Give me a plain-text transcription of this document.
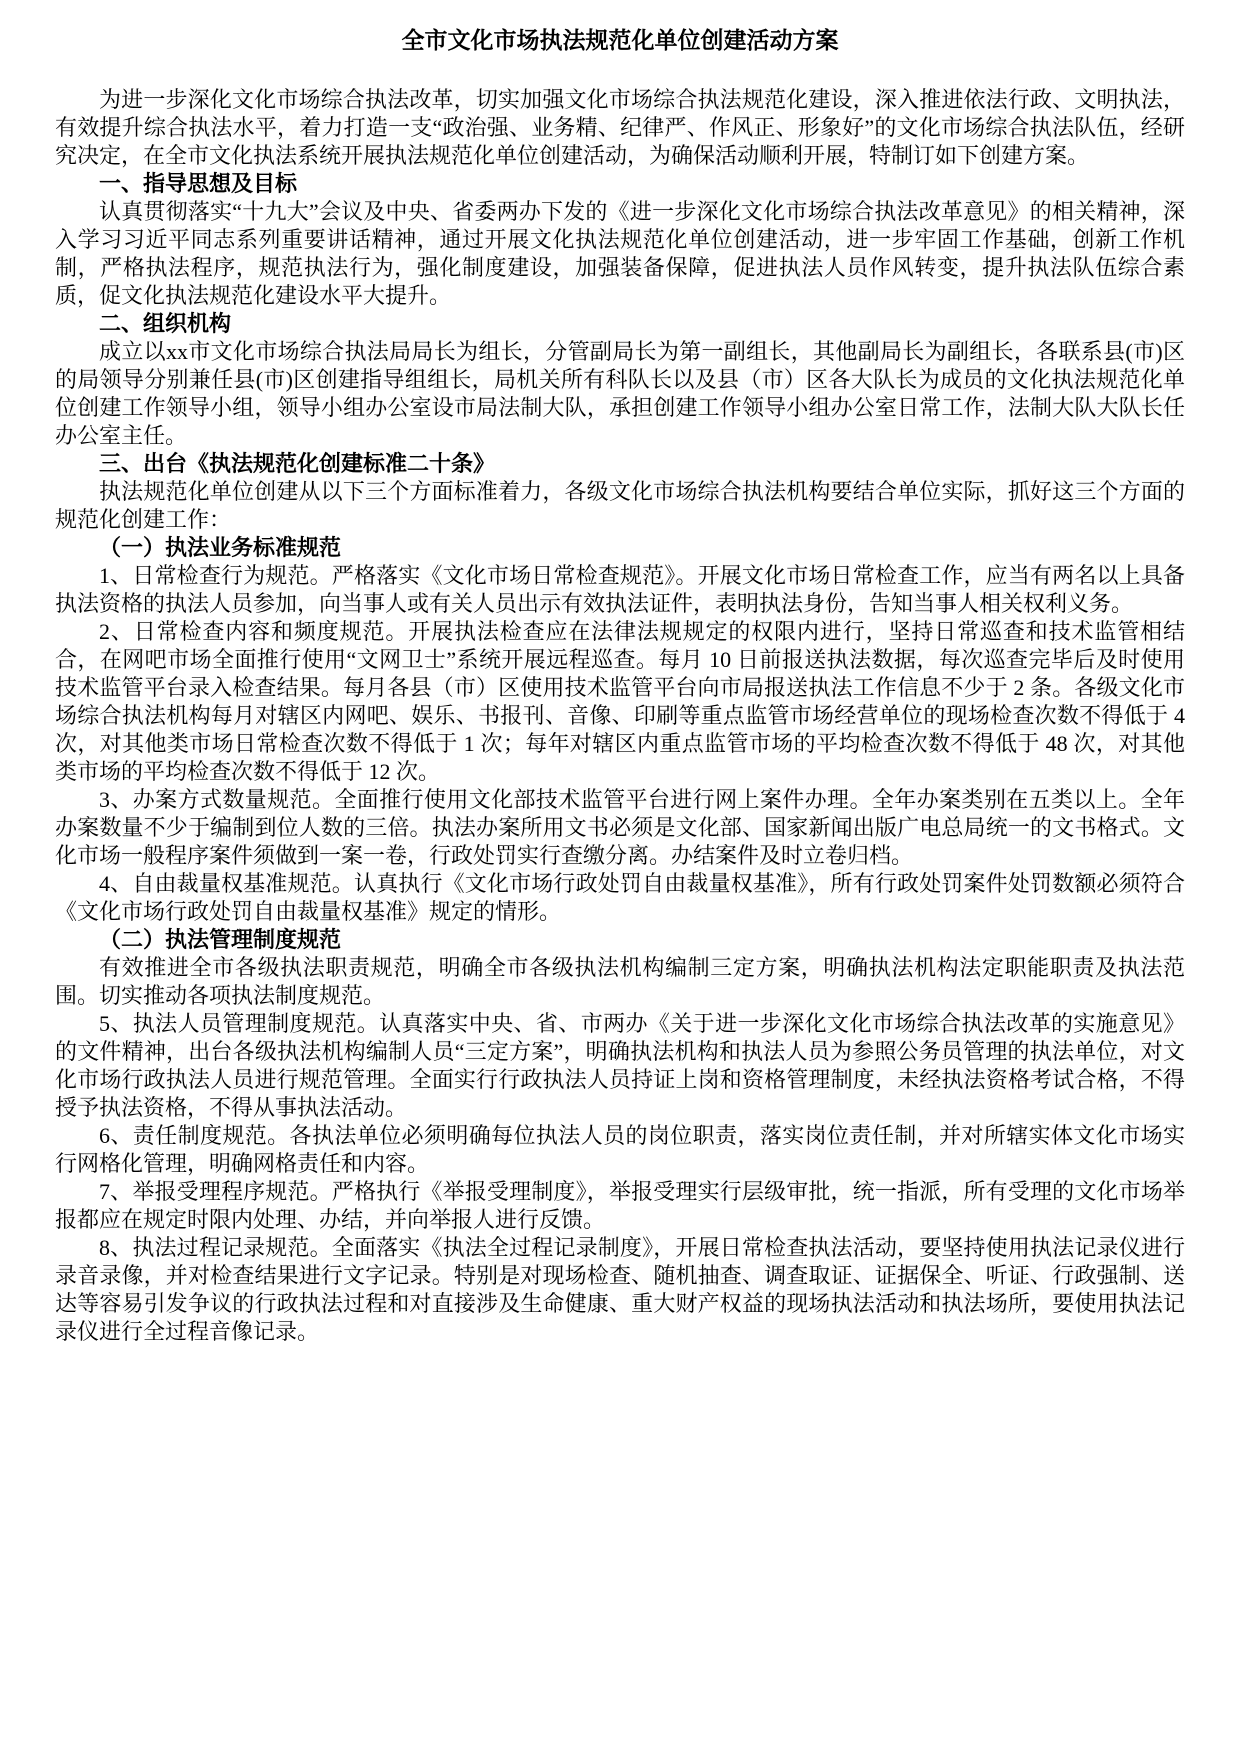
全市文化市场执法规范化单位创建活动方案

为进一步深化文化市场综合执法改革，切实加强文化市场综合执法规范化建设，深入推进依法行政、文明执法，有效提升综合执法水平，着力打造一支“政治强、业务精、纪律严、作风正、形象好”的文化市场综合执法队伍，经研究决定，在全市文化执法系统开展执法规范化单位创建活动，为确保活动顺利开展，特制订如下创建方案。

一、指导思想及目标

认真贯彻落实“十九大”会议及中央、省委两办下发的《进一步深化文化市场综合执法改革意见》的相关精神，深入学习习近平同志系列重要讲话精神，通过开展文化执法规范化单位创建活动，进一步牢固工作基础，创新工作机制，严格执法程序，规范执法行为，强化制度建设，加强装备保障，促进执法人员作风转变，提升执法队伍综合素质，促文化执法规范化建设水平大提升。

二、组织机构

成立以xx市文化市场综合执法局局长为组长，分管副局长为第一副组长，其他副局长为副组长，各联系县(市)区的局领导分别兼任县(市)区创建指导组组长，局机关所有科队长以及县（市）区各大队长为成员的文化执法规范化单位创建工作领导小组，领导小组办公室设市局法制大队，承担创建工作领导小组办公室日常工作，法制大队大队长任办公室主任。

三、出台《执法规范化创建标准二十条》

执法规范化单位创建从以下三个方面标准着力，各级文化市场综合执法机构要结合单位实际，抓好这三个方面的规范化创建工作：

（一）执法业务标准规范

1、日常检查行为规范。严格落实《文化市场日常检查规范》。开展文化市场日常检查工作，应当有两名以上具备执法资格的执法人员参加，向当事人或有关人员出示有效执法证件，表明执法身份，告知当事人相关权利义务。

2、日常检查内容和频度规范。开展执法检查应在法律法规规定的权限内进行，坚持日常巡查和技术监管相结合，在网吧市场全面推行使用“文网卫士”系统开展远程巡查。每月 10 日前报送执法数据，每次巡查完毕后及时使用技术监管平台录入检查结果。每月各县（市）区使用技术监管平台向市局报送执法工作信息不少于 2 条。各级文化市场综合执法机构每月对辖区内网吧、娱乐、书报刊、音像、印刷等重点监管市场经营单位的现场检查次数不得低于 4 次，对其他类市场日常检查次数不得低于 1 次；每年对辖区内重点监管市场的平均检查次数不得低于 48 次，对其他类市场的平均检查次数不得低于 12 次。

3、办案方式数量规范。全面推行使用文化部技术监管平台进行网上案件办理。全年办案类别在五类以上。全年办案数量不少于编制到位人数的三倍。执法办案所用文书必须是文化部、国家新闻出版广电总局统一的文书格式。文化市场一般程序案件须做到一案一卷，行政处罚实行查缴分离。办结案件及时立卷归档。

4、自由裁量权基准规范。认真执行《文化市场行政处罚自由裁量权基准》，所有行政处罚案件处罚数额必须符合《文化市场行政处罚自由裁量权基准》规定的情形。

（二）执法管理制度规范

有效推进全市各级执法职责规范，明确全市各级执法机构编制三定方案，明确执法机构法定职能职责及执法范围。切实推动各项执法制度规范。

5、执法人员管理制度规范。认真落实中央、省、市两办《关于进一步深化文化市场综合执法改革的实施意见》的文件精神，出台各级执法机构编制人员“三定方案”，明确执法机构和执法人员为参照公务员管理的执法单位，对文化市场行政执法人员进行规范管理。全面实行行政执法人员持证上岗和资格管理制度，未经执法资格考试合格，不得授予执法资格，不得从事执法活动。

6、责任制度规范。各执法单位必须明确每位执法人员的岗位职责，落实岗位责任制，并对所辖实体文化市场实行网格化管理，明确网格责任和内容。

7、举报受理程序规范。严格执行《举报受理制度》，举报受理实行层级审批，统一指派，所有受理的文化市场举报都应在规定时限内处理、办结，并向举报人进行反馈。

8、执法过程记录规范。全面落实《执法全过程记录制度》，开展日常检查执法活动，要坚持使用执法记录仪进行录音录像，并对检查结果进行文字记录。特别是对现场检查、随机抽查、调查取证、证据保全、听证、行政强制、送达等容易引发争议的行政执法过程和对直接涉及生命健康、重大财产权益的现场执法活动和执法场所，要使用执法记录仪进行全过程音像记录。
